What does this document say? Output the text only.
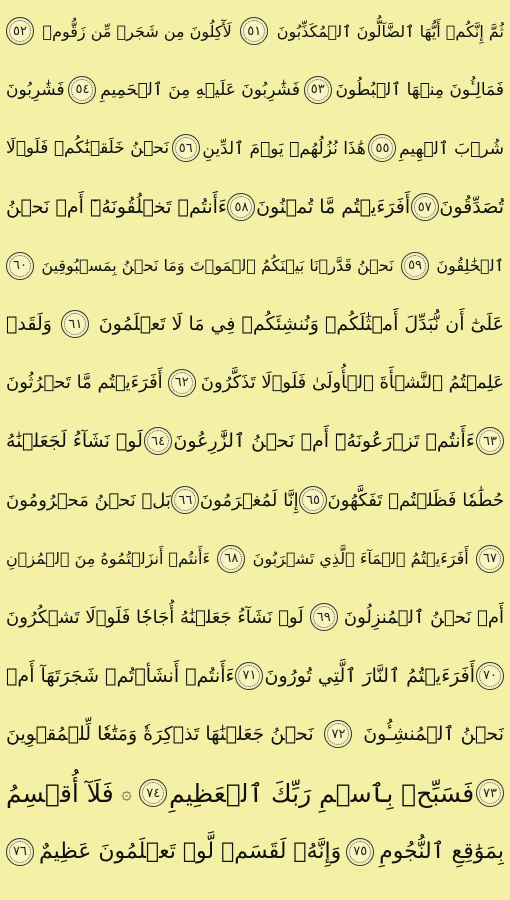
ثُمَّ إِنَّكُمۡ أَيُّهَا ٱلضَّآلُّونَ ٱلۡمُكَذِّبُونَ
٥١
لَأٓكِلُونَ مِن شَجَرٖ مِّن زَقُّومٖ
٥٢
فَمَالِـُٔونَ مِنۡهَا ٱلۡبُطُونَ
٥٣
فَشَٰرِبُونَ عَلَيۡهِ مِنَ ٱلۡحَمِيمِ
٥٤
فَشَٰرِبُونَ
شُرۡبَ ٱلۡهِيمِ
٥٥
هَٰذَا نُزُلُهُمۡ يَوۡمَ ٱلدِّينِ
٥٦
نَحۡنُ خَلَقۡنَٰكُمۡ فَلَوۡلَا
تُصَدِّقُونَ
٥٧
أَفَرَءَيۡتُم مَّا تُمۡنُونَ
٥٨
ءَأَنتُمۡ تَخۡلُقُونَهُۥٓ أَمۡ نَحۡنُ
ٱلۡخَٰلِقُونَ
٥٩
نَحۡنُ قَدَّرۡنَا بَيۡنَكُمُ ٱلۡمَوۡتَ وَمَا نَحۡنُ بِمَسۡبُوقِينَ
٦٠
عَلَىٰٓ أَن نُّبَدِّلَ أَمۡثَٰلَكُمۡ وَنُنشِئَكُمۡ فِي مَا لَا تَعۡلَمُونَ
٦١
وَلَقَدۡ
عَلِمۡتُمُ ٱلنَّشۡأَةَ ٱلۡأُولَىٰ فَلَوۡلَا تَذَكَّرُونَ
٦٢
أَفَرَءَيۡتُم مَّا تَحۡرُثُونَ
٦٣
ءَأَنتُمۡ تَزۡرَعُونَهُۥٓ أَمۡ نَحۡنُ ٱلزَّٰرِعُونَ
٦٤
لَوۡ نَشَآءُ لَجَعَلۡنَٰهُ
حُطَٰمٗا فَظَلۡتُمۡ تَفَكَّهُونَ
٦٥
إِنَّا لَمُغۡرَمُونَ
٦٦
بَلۡ نَحۡنُ مَحۡرُومُونَ
٦٧
أَفَرَءَيۡتُمُ ٱلۡمَآءَ ٱلَّذِي تَشۡرَبُونَ
٦٨
ءَأَنتُمۡ أَنزَلۡتُمُوهُ مِنَ ٱلۡمُزۡنِ
أَمۡ نَحۡنُ ٱلۡمُنزِلُونَ
٦٩
لَوۡ نَشَآءُ جَعَلۡنَٰهُ أُجَاجٗا فَلَوۡلَا تَشۡكُرُونَ
٧٠
أَفَرَءَيۡتُمُ ٱلنَّارَ ٱلَّتِي تُورُونَ
٧١
ءَأَنتُمۡ أَنشَأۡتُمۡ شَجَرَتَهَآ أَمۡ
نَحۡنُ ٱلۡمُنشِـُٔونَ
٧٢
نَحۡنُ جَعَلۡنَٰهَا تَذۡكِرَةٗ وَمَتَٰعٗا لِّلۡمُقۡوِينَ
٧٣
فَسَبِّحۡ بِٱسۡمِ رَبِّكَ ٱلۡعَظِيمِ
٧٤
۞
فَلَآ أُقۡسِمُ
بِمَوَٰقِعِ ٱلنُّجُومِ
٧٥
وَإِنَّهُۥ لَقَسَمٞ لَّوۡ تَعۡلَمُونَ عَظِيمٌ
٧٦
